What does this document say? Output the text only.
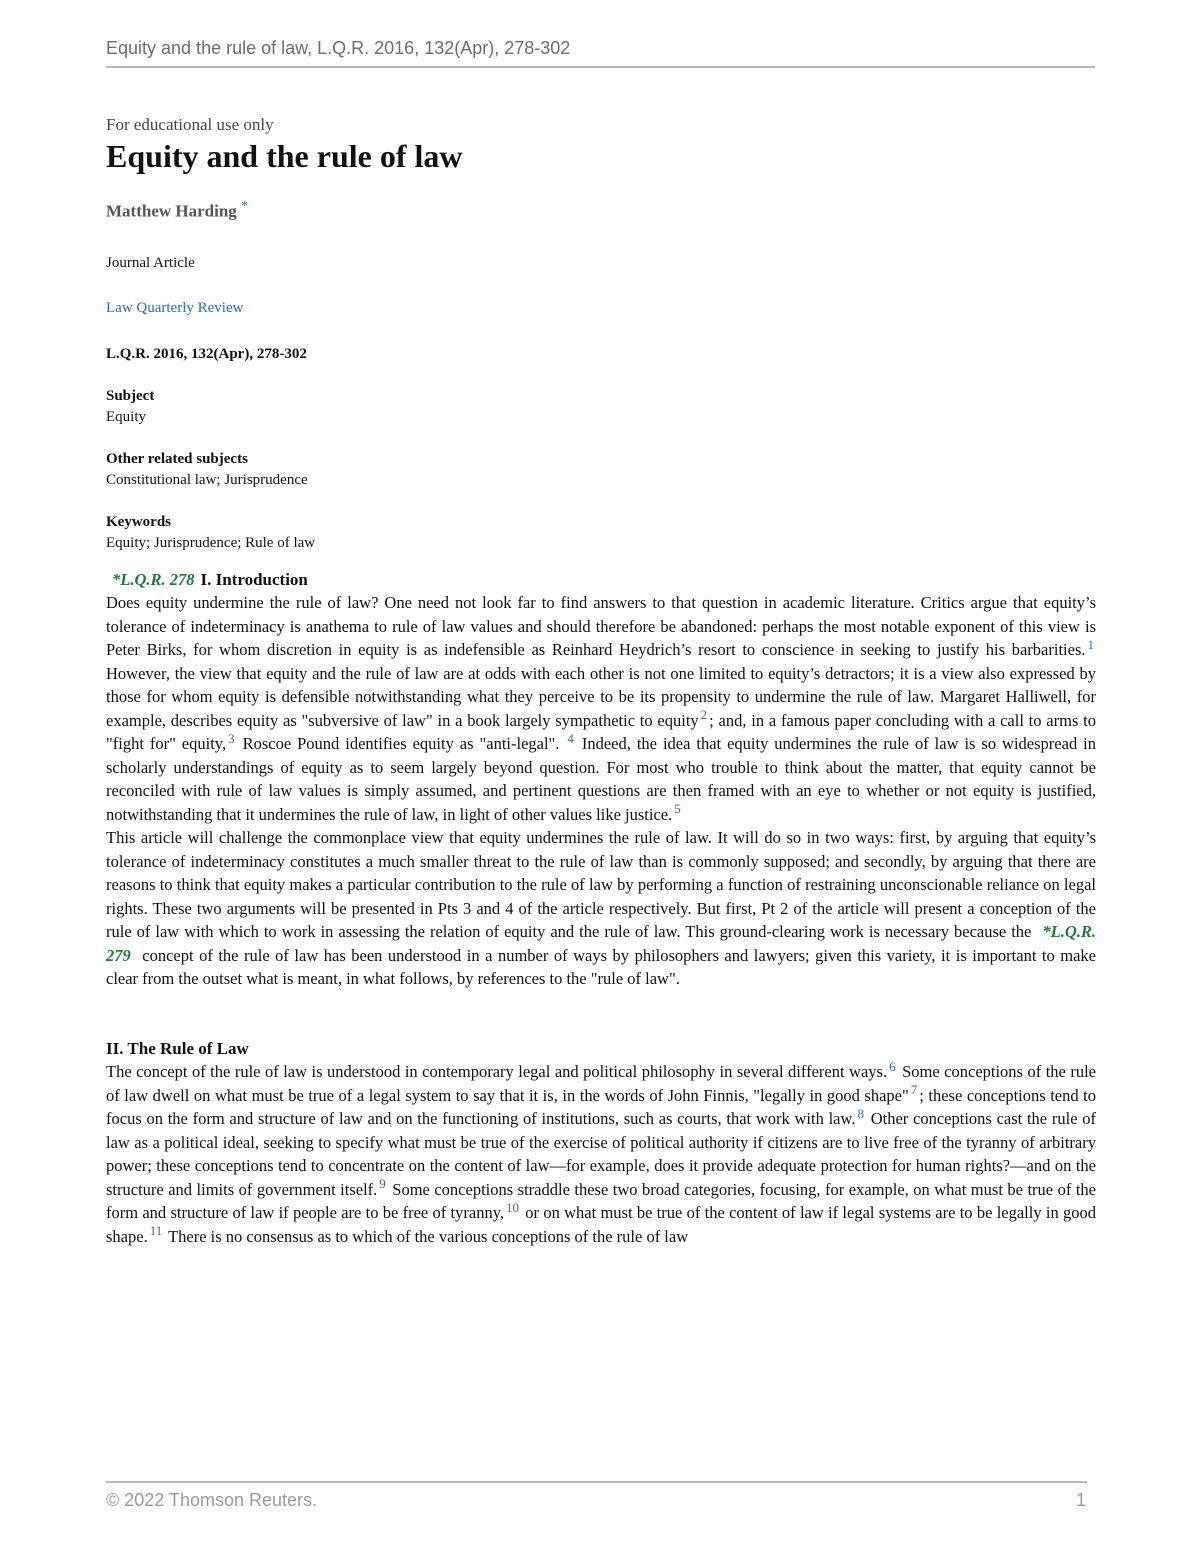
Equity and the rule of law, L.Q.R. 2016, 132(Apr), 278-302

For educational use only

Equity and the rule of law
Matthew Harding *
Journal Article
Law Quarterly Review
L.Q.R. 2016, 132(Apr), 278-302
Subject
Equity
Other related subjects
Constitutional law; Jurisprudence
Keywords
Equity; Jurisprudence; Rule of law
*L.Q.R. 278 I. Introduction

Does equity undermine the rule of law? One need not look far to find answers to that question in academic literature. Critics argue that equity’s tolerance of indeterminacy is anathema to rule of law values and should therefore be abandoned: perhaps the most notable exponent of this view is Peter Birks, for whom discretion in equity is as indefensible as Reinhard Heydrich’s resort to conscience in seeking to justify his barbarities. $^1$ However, the view that equity and the rule of law are at odds with each other is not one limited to equity’s detractors; it is a view also expressed by those for whom equity is defensible notwithstanding what they perceive to be its propensity to undermine the rule of law. Margaret Halliwell, for example, describes equity as "subversive of law" in a book largely sympathetic to equity $^2$ ; and, in a famous paper concluding with a call to arms to "fight for" equity, $^3$ Roscoe Pound identifies equity as "anti-legal". $^4$ Indeed, the idea that equity undermines the rule of law is so widespread in scholarly understandings of equity as to seem largely beyond question. For most who trouble to think about the matter, that equity cannot be reconciled with rule of law values is simply assumed, and pertinent questions are then framed with an eye to whether or not equity is justified, notwithstanding that it undermines the rule of law, in light of other values like justice. $^5$

This article will challenge the commonplace view that equity undermines the rule of law. It will do so in two ways: first, by arguing that equity’s tolerance of indeterminacy constitutes a much smaller threat to the rule of law than is commonly supposed; and secondly, by arguing that there are reasons to think that equity makes a particular contribution to the rule of law by performing a function of restraining unconscionable reliance on legal rights. These two arguments will be presented in Pts 3 and 4 of the article respectively. But first, Pt 2 of the article will present a conception of the rule of law with which to work in assessing the relation of equity and the rule of law. This ground-clearing work is necessary because the *L.Q.R. 279 concept of the rule of law has been understood in a number of ways by philosophers and lawyers; given this variety, it is important to make clear from the outset what is meant, in what follows, by references to the "rule of law".

II. The Rule of Law

The concept of the rule of law is understood in contemporary legal and political philosophy in several different ways. $^6$ Some conceptions of the rule of law dwell on what must be true of a legal system to say that it is, in the words of John Finnis, "legally in good shape" $^7$ ; these conceptions tend to focus on the form and structure of law and on the functioning of institutions, such as courts, that work with law. $^8$ Other conceptions cast the rule of law as a political ideal, seeking to specify what must be true of the exercise of political authority if citizens are to live free of the tyranny of arbitrary power; these conceptions tend to concentrate on the content of law—for example, does it provide adequate protection for human rights?—and on the structure and limits of government itself. $^9$ Some conceptions straddle these two broad categories, focusing, for example, on what must be true of the form and structure of law if people are to be free of tyranny, $^{10}$ or on what must be true of the content of law if legal systems are to be legally in good shape. $^{11}$ There is no consensus as to which of the various conceptions of the rule of law

© 2022 Thomson Reuters.	1
